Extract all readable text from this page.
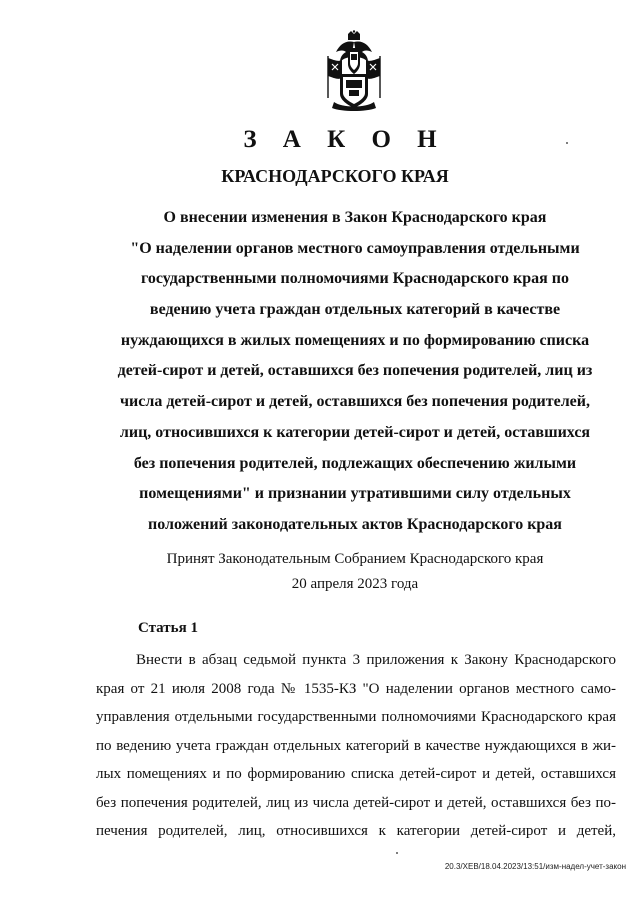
З А К О Н
КРАСНОДАРСКОГО КРАЯ
О внесении изменения в Закон Краснодарского края
"О наделении органов местного самоуправления отдельными
государственными полномочиями Краснодарского края по
ведению учета граждан отдельных категорий в качестве
нуждающихся в жилых помещениях и по формированию списка
детей-сирот и детей, оставшихся без попечения родителей, лиц из
числа детей-сирот и детей, оставшихся без попечения родителей,
лиц, относившихся к категории детей-сирот и детей, оставшихся
без попечения родителей, подлежащих обеспечению жилыми
помещениями" и признании утратившими силу отдельных
положений законодательных актов Краснодарского края
Принят Законодательным Собранием Краснодарского края
20 апреля 2023 года
Статья 1
Внести в абзац седьмой пункта 3 приложения к Закону Краснодарского
края от 21 июля 2008 года № 1535-КЗ "О наделении органов местного само-
управления отдельными государственными полномочиями Краснодарского края
по ведению учета граждан отдельных категорий в качестве нуждающихся в жи-
лых помещениях и по формированию списка детей-сирот и детей, оставшихся
без попечения родителей, лиц из числа детей-сирот и детей, оставшихся без по-
печения родителей, лиц, относившихся к категории детей-сирот и детей,
20.3/ХЕВ/18.04.2023/13:51/изм-надел-учет-закон
